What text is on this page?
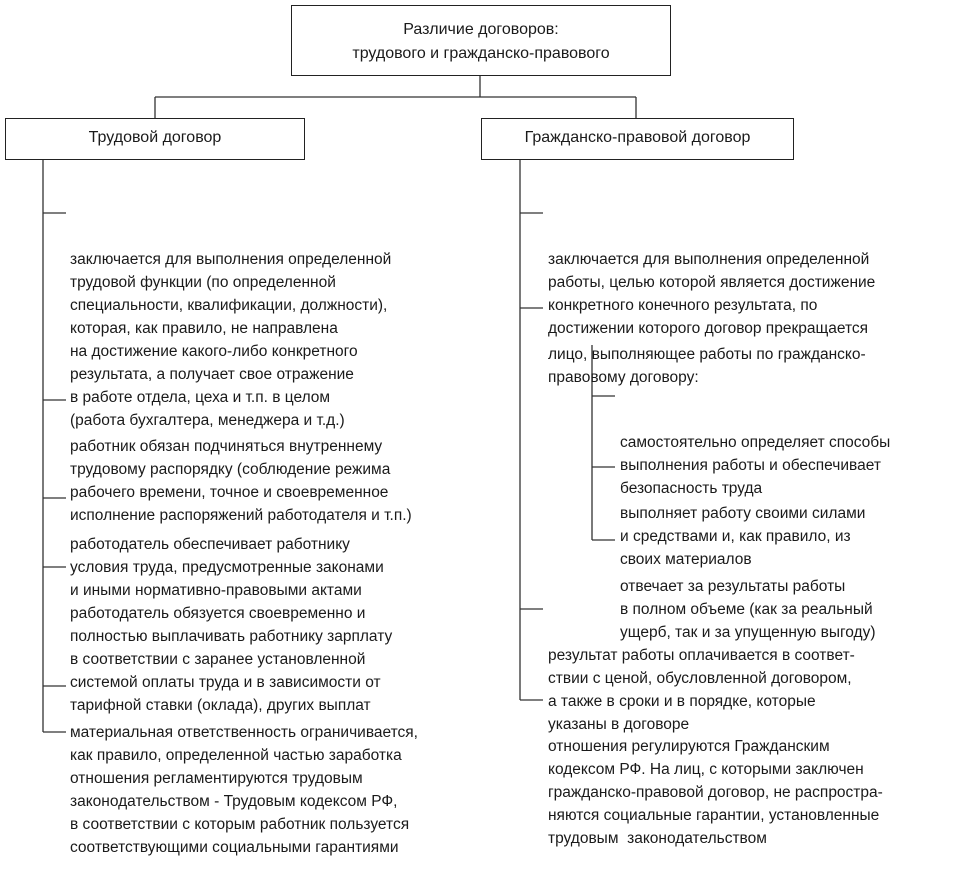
Различие договоров:
трудового и гражданско-правового
Трудовой договор	Гражданско-правовой договор

заключается для выполнения определенной
трудовой функции (по определенной
специальности, квалификации, должности),
которая, как правило, не направлена
на достижение какого-либо конкретного
результата, а получает свое отражение
в работе отдела, цеха и т.п. в целом
(работа бухгалтера, менеджера и т.д.)

работник обязан подчиняться внутреннему
трудовому распорядку (соблюдение режима
рабочего времени, точное и своевременное
исполнение распоряжений работодателя и т.п.)

работодатель обеспечивает работнику
условия труда, предусмотренные законами
и иными нормативно-правовыми актами

работодатель обязуется своевременно и
полностью выплачивать работнику зарплату
в соответствии с заранее установленной
системой оплаты труда и в зависимости от
тарифной ставки (оклада), других выплат

материальная ответственность ограничивается,
как правило, определенной частью заработка

отношения регламентируются трудовым
законодательством - Трудовым кодексом РФ,
в соответствии с которым работник пользуется
соответствующими социальными гарантиями

заключается для выполнения определенной
работы, целью которой является достижение
конкретного конечного результата, по
достижении которого договор прекращается

лицо, выполняющее работы по гражданско-
правовому договору:

самостоятельно определяет способы
выполнения работы и обеспечивает
безопасность труда

выполняет работу своими силами
и средствами и, как правило, из
своих материалов

отвечает за результаты работы
в полном объеме (как за реальный
ущерб, так и за упущенную выгоду)

результат работы оплачивается в соответ-
ствии с ценой, обусловленной договором,
а также в сроки и в порядке, которые
указаны в договоре

отношения регулируются Гражданским
кодексом РФ. На лиц, с которыми заключен
гражданско-правовой договор, не распростра-
няются социальные гарантии, установленные
трудовым  законодательством
